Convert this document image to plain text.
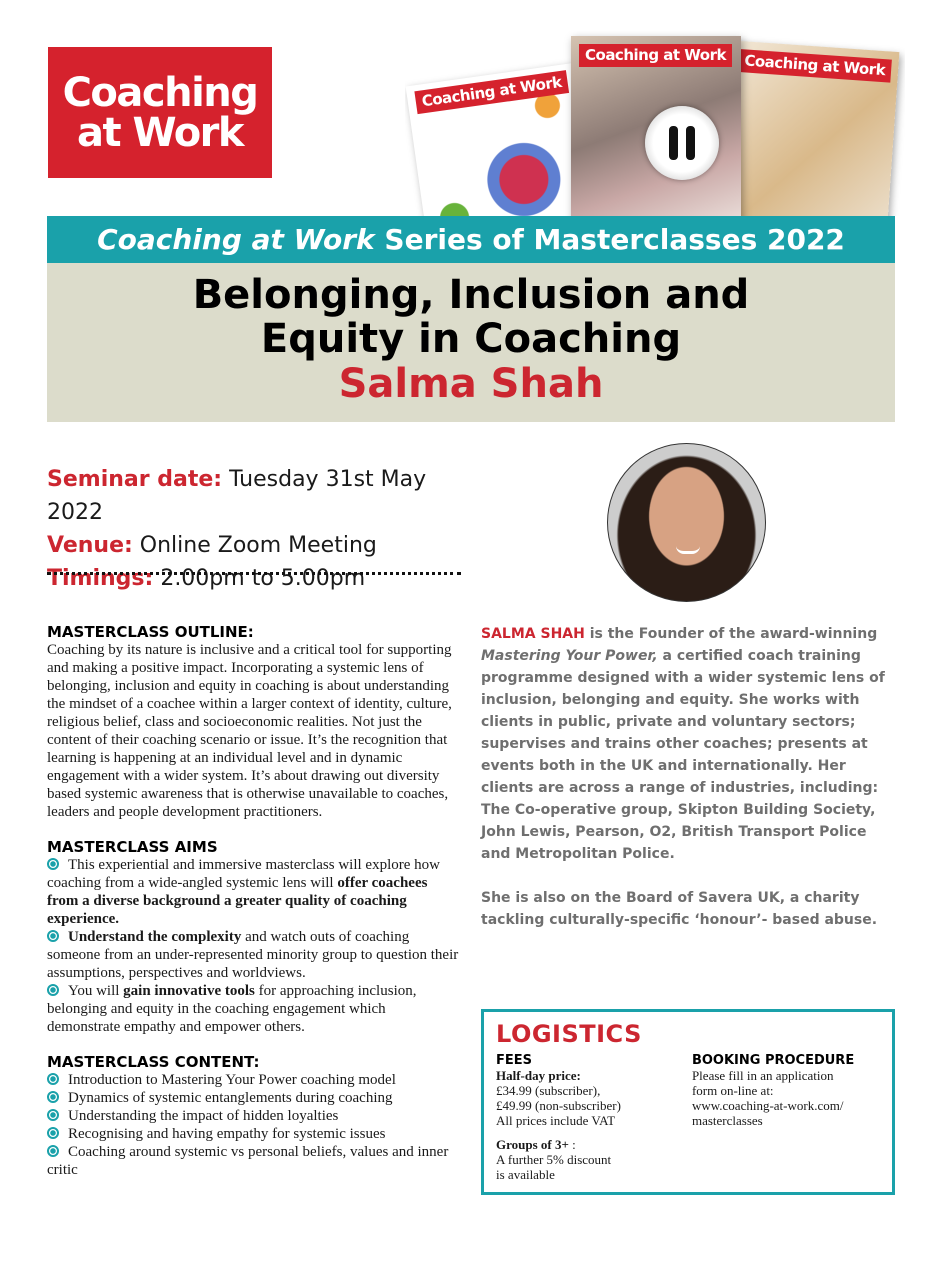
Coaching
at Work
Coaching at Work
Coaching at Work
Coaching at Work
Coaching at Work Series of Masterclasses 2022
Belonging, Inclusion and
Equity in Coaching
Salma Shah
Seminar date: Tuesday 31st May 2022
Venue: Online Zoom Meeting
Timings: 2.00pm to 5.00pm
MASTERCLASS OUTLINE:

Coaching by its nature is inclusive and a critical tool for supporting and making a positive impact. Incorporating a systemic lens of belonging, inclusion and equity in coaching is about understanding the mindset of a coachee within a larger context of identity, culture, religious belief, class and socioeconomic realities. Not just the content of their coaching scenario or issue. It’s the recognition that learning is happening at an individual level and in dynamic engagement with a wider system. It’s about drawing out diversity based systemic awareness that is otherwise unavailable to coaches, leaders and people development practitioners.

MASTERCLASS AIMS

This experiential and immersive masterclass will explore how coaching from a wide-angled systemic lens will offer coachees from a diverse background a greater quality of coaching experience.

Understand the complexity and watch outs of coaching someone from an under-represented minority group to question their assumptions, perspectives and worldviews.

You will gain innovative tools for approaching inclusion, belonging and equity in the coaching engagement which demonstrate empathy and empower others.

MASTERCLASS CONTENT:

Introduction to Mastering Your Power coaching model

Dynamics of systemic entanglements during coaching

Understanding the impact of hidden loyalties

Recognising and having empathy for systemic issues

Coaching around systemic vs personal beliefs, values and inner critic

SALMA SHAH is the Founder of the award-winning Mastering Your Power, a certified coach training programme designed with a wider systemic lens of inclusion, belonging and equity. She works with clients in public, private and voluntary sectors; supervises and trains other coaches; presents at events both in the UK and internationally. Her clients are across a range of industries, including: The Co-operative group, Skipton Building Society, John Lewis, Pearson, O2, British Transport Police and Metropolitan Police.

She is also on the Board of Savera UK, a charity tackling culturally-specific ‘honour’- based abuse.

LOGISTICS
FEES
Half-day price:
£34.99 (subscriber),
£49.99 (non-subscriber)
All prices include VAT
Groups of 3+ :
A further 5% discount
is available
BOOKING PROCEDURE
Please fill in an application
form on-line at:
www.coaching-at-work.com/
masterclasses
